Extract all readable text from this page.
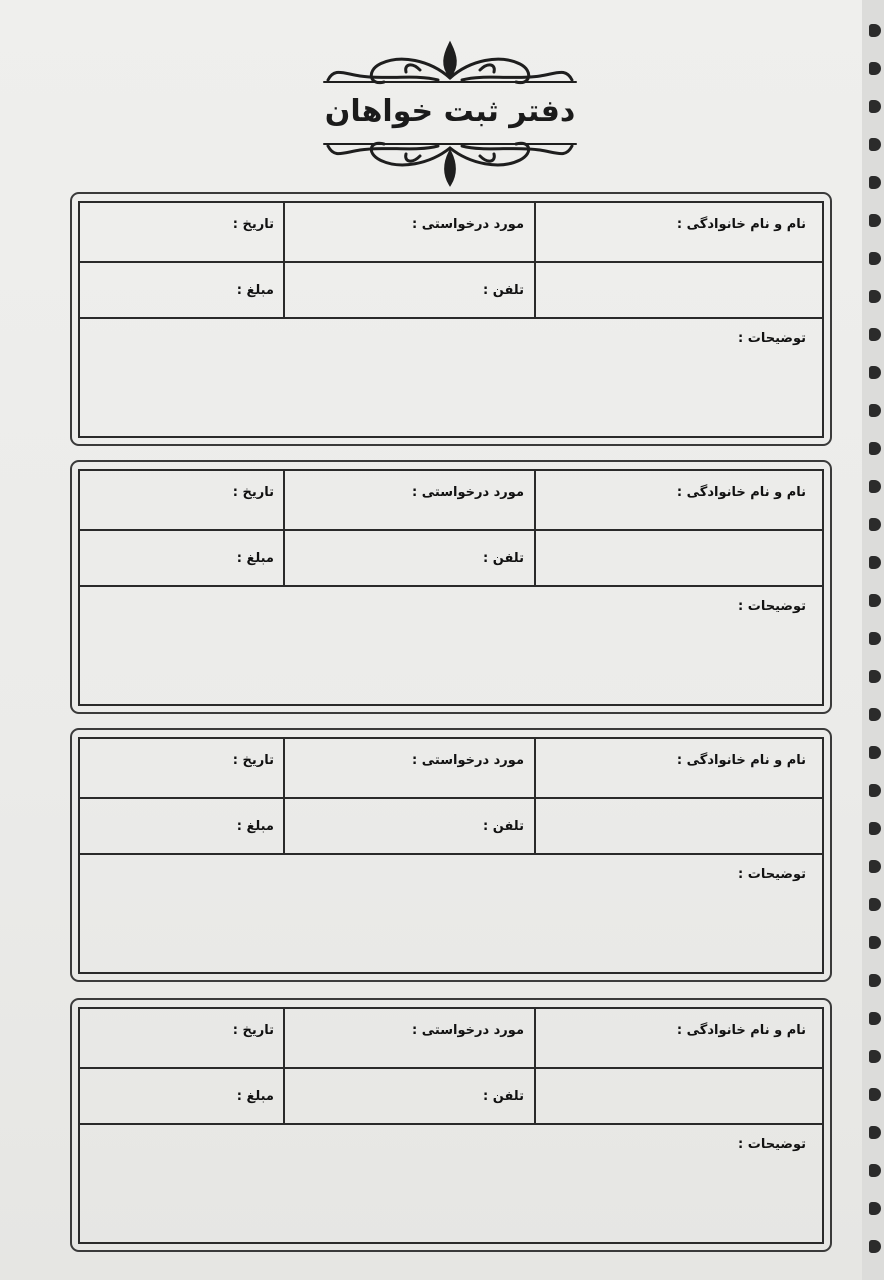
دفتر ثبت خواهان
نام و نام خانوادگی :
مورد درخواستی :
تاریخ :
تلفن :
مبلغ :
توضیحات :
نام و نام خانوادگی :
مورد درخواستی :
تاریخ :
تلفن :
مبلغ :
توضیحات :
نام و نام خانوادگی :
مورد درخواستی :
تاریخ :
تلفن :
مبلغ :
توضیحات :
نام و نام خانوادگی :
مورد درخواستی :
تاریخ :
تلفن :
مبلغ :
توضیحات :
